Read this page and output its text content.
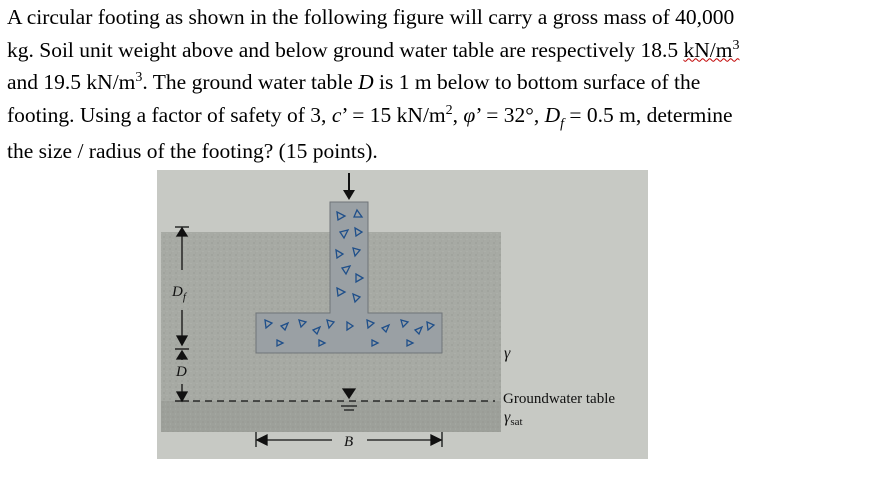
A circular footing as shown in the following figure will carry a gross mass of 40,000

kg. Soil unit weight above and below ground water table are respectively 18.5 $kN/m^3$

and 19.5 $kN/m^3$. The ground water table D is 1 m below to bottom surface of the

footing. Using a factor of safety of 3, c’ = 15 $kN/m^2$, φ’ = 32°, $D_f = 0.5$ m, determine

the size / radius of the footing? (15 points).

$D_f$
D
B
γ
Groundwater table
γsat
